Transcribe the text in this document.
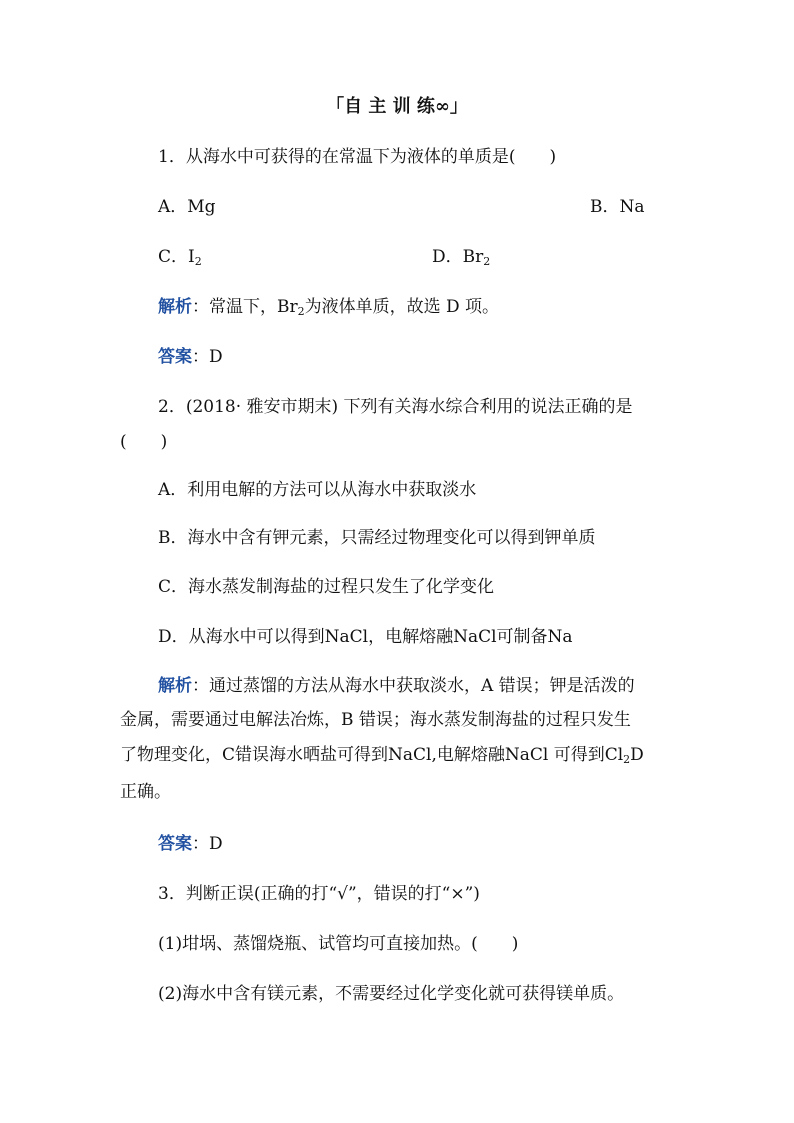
「自 主 训 练∞」
1．从海水中可获得的在常温下为液体的单质是(　　)
A．Mg	B．Na
C．$I_2$	D．$Br_2$
解析：常温下，$Br_2$为液体单质，故选 D 项。
答案：D
2．(2018· 雅安市期末) 下列有关海水综合利用的说法正确的是
(　　)
A．利用电解的方法可以从海水中获取淡水
B．海水中含有钾元素，只需经过物理变化可以得到钾单质
C．海水蒸发制海盐的过程只发生了化学变化
D．从海水中可以得到NaCl，电解熔融NaCl可制备Na
解析：通过蒸馏的方法从海水中获取淡水，A 错误；钾是活泼的
金属，需要通过电解法冶炼，B 错误；海水蒸发制海盐的过程只发生
了物理变化，C错误海水晒盐可得到NaCl,电解熔融NaCl 可得到$Cl_2D$
正确。
答案：D
3．判断正误(正确的打“√”，错误的打“×”)
(1)坩埚、蒸馏烧瓶、试管均可直接加热。(　　)
(2)海水中含有镁元素，不需要经过化学变化就可获得镁单质。
